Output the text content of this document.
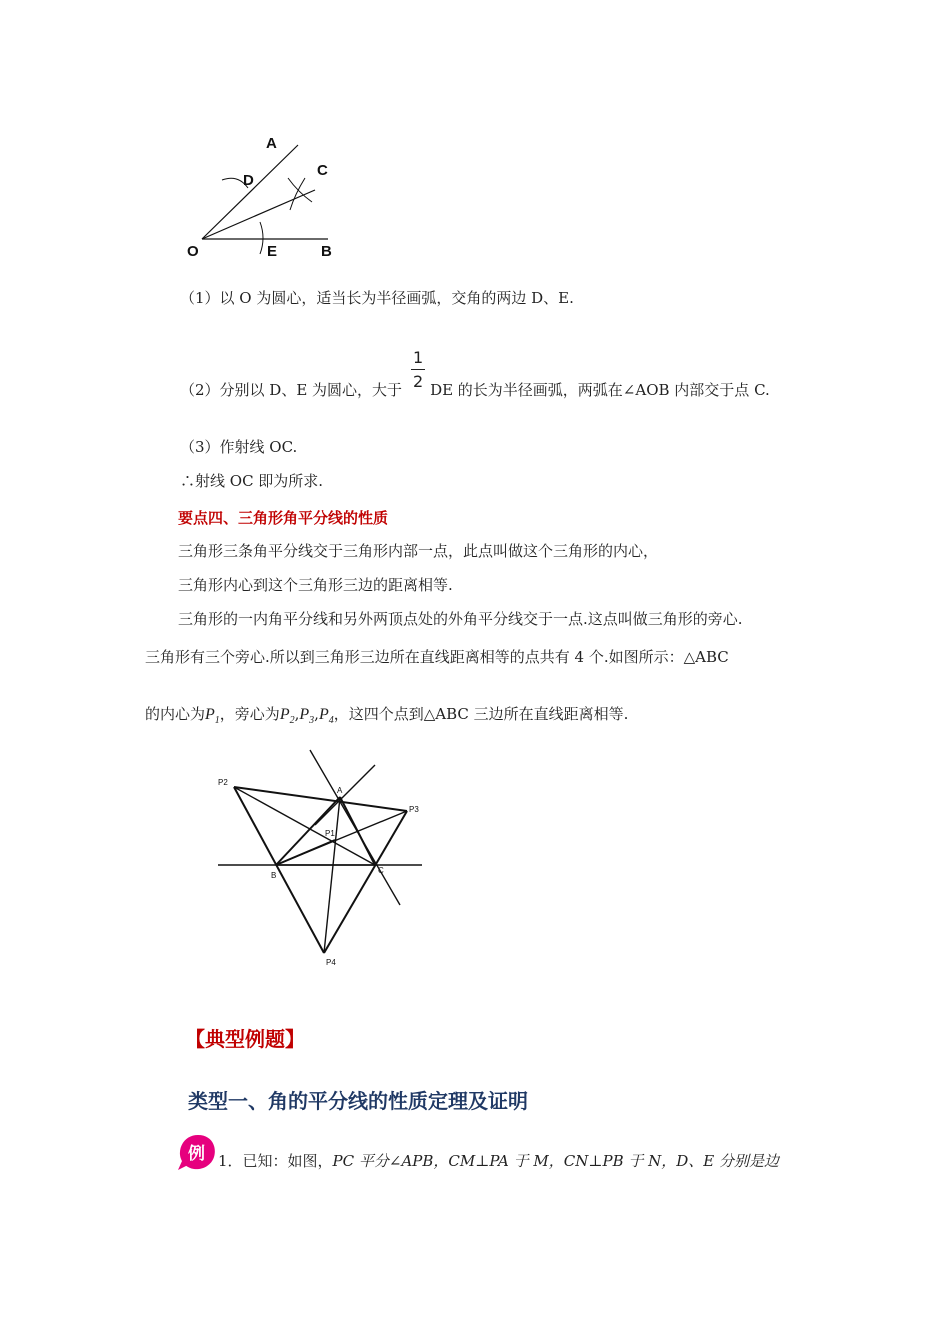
A
C
D
O	E	B
（1）以 O 为圆心，适当长为半径画弧，交角的两边 D、E.
（2）分别以 D、E 为圆心，大于 DE 的长为半径画弧，两弧在∠AOB 内部交于点 C.
1
2
（3）作射线 OC.
∴射线 OC 即为所求.
要点四、三角形角平分线的性质
三角形三条角平分线交于三角形内部一点，此点叫做这个三角形的内心，
三角形内心到这个三角形三边的距离相等.
三角形的一内角平分线和另外两顶点处的外角平分线交于一点.这点叫做三角形的旁心.
三角形有三个旁心.所以到三角形三边所在直线距离相等的点共有 4 个.如图所示：△ABC
的内心为$P_1$，旁心为$P_2,P_3,P_4$，这四个点到△ABC 三边所在直线距离相等.
P2
P3
P4
P1
A
B
C
【典型例题】
类型一、角的平分线的性质定理及证明
例 1．已知：如图，PC 平分∠APB，CM⊥PA 于 M，CN⊥PB 于 N，D、E 分别是边
